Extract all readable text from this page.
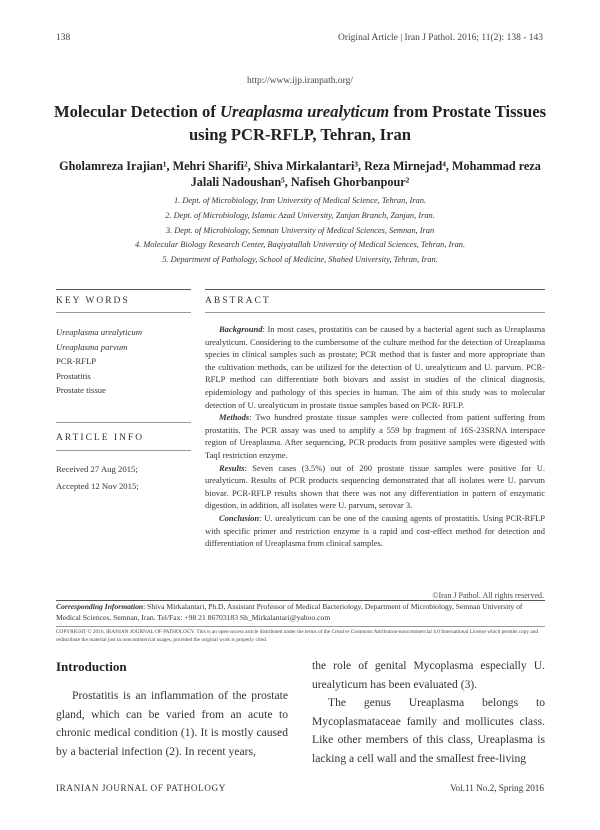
138	Original Article | Iran J Pathol. 2016; 11(2): 138 - 143
http://www.ijp.iranpath.org/
Molecular Detection of Ureaplasma urealyticum from Prostate Tissues using PCR-RFLP, Tehran, Iran
Gholamreza Irajian¹, Mehri Sharifi², Shiva Mirkalantari³, Reza Mirnejad⁴, Mohammad reza
Jalali Nadoushan⁵, Nafiseh Ghorbanpour²
1. Dept. of Microbiology, Iran University of Medical Science, Tehran, Iran.
2. Dept. of Microbiology, Islamic Azad University, Zanjan Branch, Zanjan, Iran.
3. Dept. of Microbiology, Semnan University of Medical Sciences, Semnan, Iran
4. Molecular Biology Research Center, Baqiyatallah University of Medical Sciences, Tehran, Iran.
5. Department of Pathology, School of Medicine, Shahed University, Tehran, Iran.
KEY WORDS
Ureaplasma urealyticum
Ureaplasma parvum
PCR-RFLP
Prostatitis
Prostate tissue
ARTICLE INFO
Received 27 Aug 2015;
Accepted 12 Nov 2015;
ABSTRACT

Background: In most cases, prostatitis can be caused by a bacterial agent such as Ureaplasma urealyticum. Considering to the cumbersome of the culture method for the detection of Ureaplasma species in clinical samples such as prostate; PCR method that is faster and more appropriate than the cultivation methods, can be utilized for the detection of U. urealyticum and U. parvum. PCR-RFLP method can differentiate both biovars and assist in studies of the clinical diagnosis, epidemiology and pathology of this species in human. The aim of this study was to molecular detection of U. urealyticum in prostate tissue samples based on PCR- RFLP.

Methods: Two hundred prostate tissue samples were collected from patient suffering from prostatitis. The PCR assay was used to amplify a 559 bp fragment of 16S-23SRNA interspace region of Ureaplasma. After sequencing, PCR products from positive samples were digested with TaqI restriction enzyme.

Results: Seven cases (3.5%) out of 200 prostate tissue samples were positive for U. urealyticum. Results of PCR products sequencing demonstrated that all isolates were U. parvum biovar. PCR-RFLP results shown that there was not any differentiation in pattern of enzymatic digestion, in addition, all isolates were U. parvum, serovar 3.

Conclusion: U. urealyticum can be one of the causing agents of prostatitis. Using PCR-RFLP with specific primer and restriction enzyme is a rapid and cost-effect method for detection and differentiation of Ureaplasma from clinical samples.

©Iran J Pathol. All rights reserved.
Corresponding Information: Shiva Mirkalantari, Ph.D, Assistant Professor of Medical Bacteriology, Department of Microbiology, Semnan University of Medical Sciences, Semnan, Iran. Tel/Fax: +98 21 86703183 Sh_Mirkalantari@yahoo.com
COPYRIGHT © 2016, IRANIAN JOURNAL OF PATHOLOGY. This is an open-access article distributed under the terms of the Creative Commons Attribution-noncommercial 4.0 International License which permits copy and redistribute the material just in noncommercial usages, provided the original work is properly cited.
Introduction

Prostatitis is an inflammation of the prostate gland, which can be varied from an acute to chronic medical condition (1). It is mostly caused by a bacterial infection (2). In recent years,

the role of genital Mycoplasma especially U. urealyticum has been evaluated (3).

The genus Ureaplasma belongs to Mycoplasmataceae family and mollicutes class. Like other members of this class, Ureaplasma is lacking a cell wall and the smallest free-living

IRANIAN JOURNAL OF PATHOLOGY	Vol.11 No.2, Spring 2016
